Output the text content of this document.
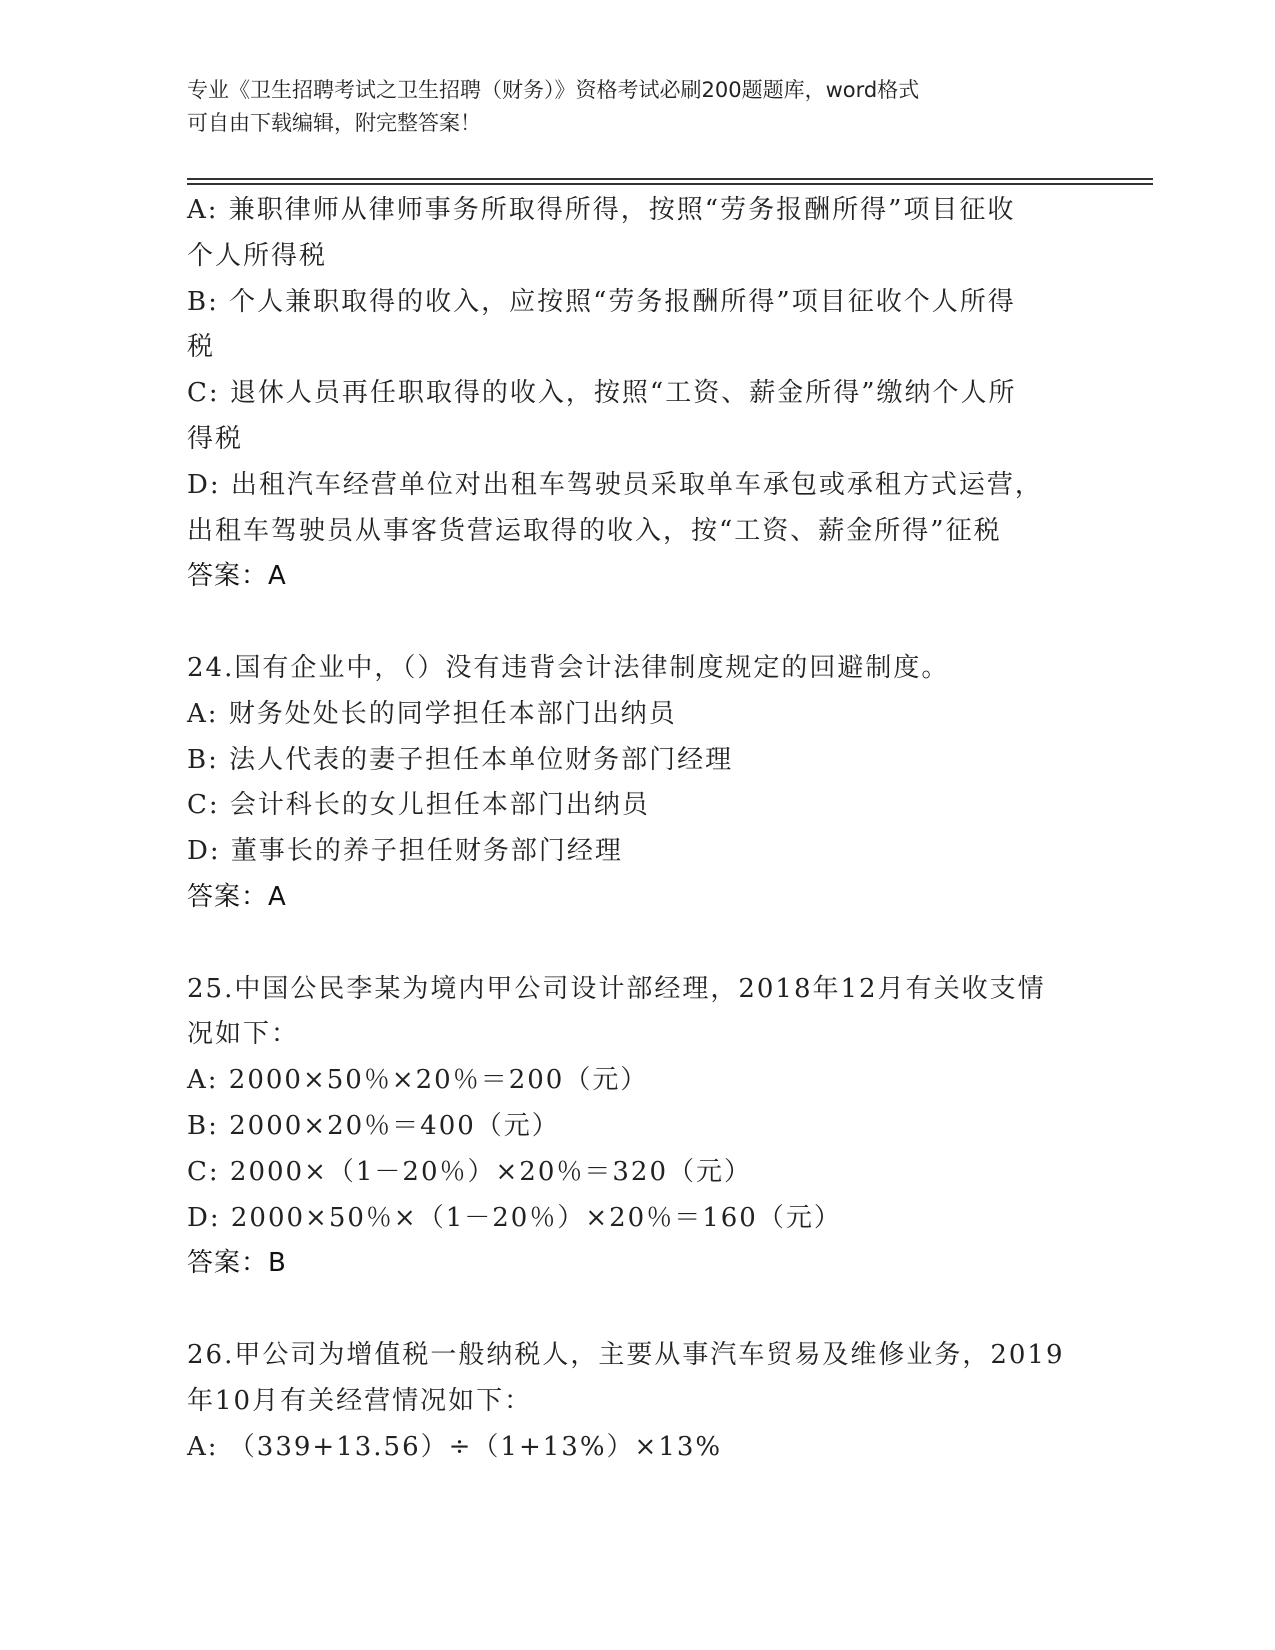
专业《卫生招聘考试之卫生招聘（财务）》资格考试必刷200题题库，word格式
可自由下载编辑，附完整答案！
A: 兼职律师从律师事务所取得所得，按照“劳务报酬所得”项目征收
个人所得税
B: 个人兼职取得的收入，应按照“劳务报酬所得”项目征收个人所得
税
C: 退休人员再任职取得的收入，按照“工资、薪金所得”缴纳个人所
得税
D: 出租汽车经营单位对出租车驾驶员采取单车承包或承租方式运营，
出租车驾驶员从事客货营运取得的收入，按“工资、薪金所得”征税
答案：A
24.国有企业中，（）没有违背会计法律制度规定的回避制度。
A: 财务处处长的同学担任本部门出纳员
B: 法人代表的妻子担任本单位财务部门经理
C: 会计科长的女儿担任本部门出纳员
D: 董事长的养子担任财务部门经理
答案：A
25.中国公民李某为境内甲公司设计部经理，2018年12月有关收支情
况如下：
A: 2000×50％×20％＝200（元）
B: 2000×20％＝400（元）
C: 2000×（1－20％）×20％＝320（元）
D: 2000×50％×（1－20％）×20％＝160（元）
答案：B
26.甲公司为增值税一般纳税人，主要从事汽车贸易及维修业务，2019
年10月有关经营情况如下：
A: （339+13.56）÷（1+13%）×13%
